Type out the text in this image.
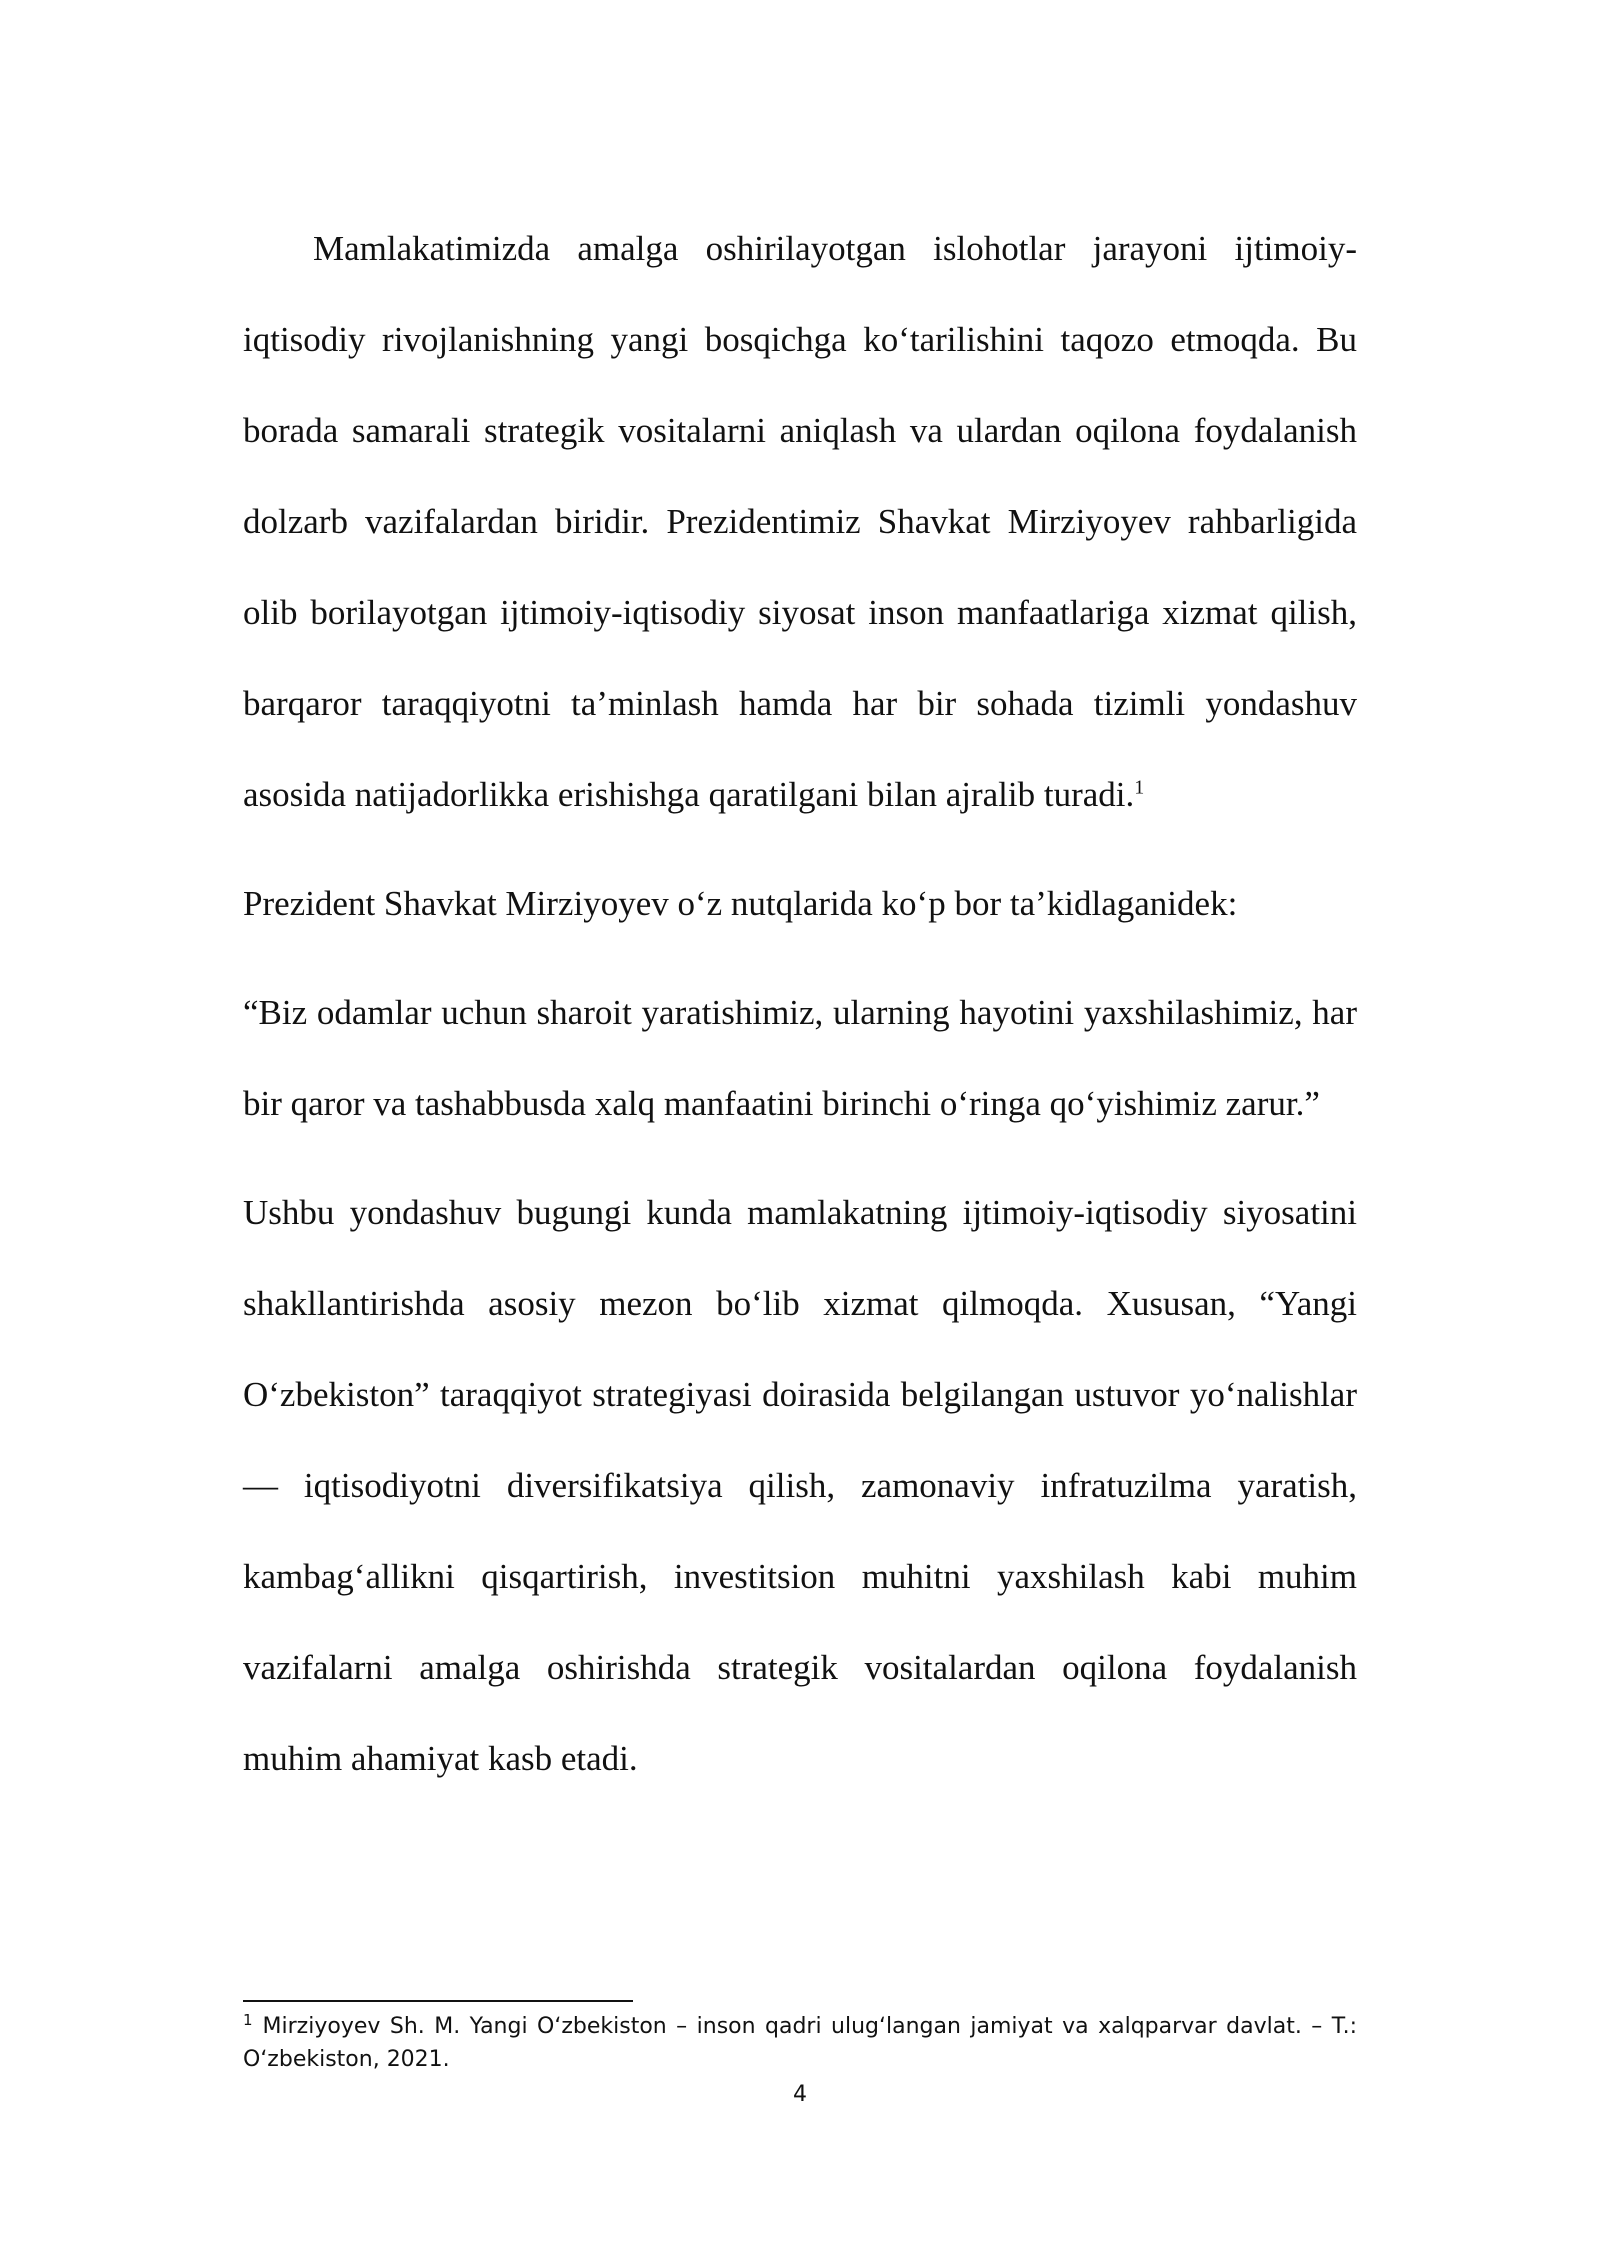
Mamlakatimizda amalga oshirilayotgan islohotlar jarayoni ijtimoiy-iqtisodiy rivojlanishning yangi bosqichga koʻtarilishini taqozo etmoqda. Bu borada samarali strategik vositalarni aniqlash va ulardan oqilona foydalanish dolzarb vazifalardan biridir. Prezidentimiz Shavkat Mirziyoyev rahbarligida olib borilayotgan ijtimoiy-iqtisodiy siyosat inson manfaatlariga xizmat qilish, barqaror taraqqiyotni ta’minlash hamda har bir sohada tizimli yondashuv asosida natijadorlikka erishishga qaratilgani bilan ajralib turadi.$^1$

Prezident Shavkat Mirziyoyev oʻz nutqlarida koʻp bor ta’kidlaganidek:

“Biz odamlar uchun sharoit yaratishimiz, ularning hayotini yaxshilashimiz, har bir qaror va tashabbusda xalq manfaatini birinchi oʻringa qoʻyishimiz zarur.”

Ushbu yondashuv bugungi kunda mamlakatning ijtimoiy-iqtisodiy siyosatini shakllantirishda asosiy mezon boʻlib xizmat qilmoqda. Xususan, “Yangi Oʻzbekiston” taraqqiyot strategiyasi doirasida belgilangan ustuvor yoʻnalishlar — iqtisodiyotni diversifikatsiya qilish, zamonaviy infratuzilma yaratish, kambagʻallikni qisqartirish, investitsion muhitni yaxshilash kabi muhim vazifalarni amalga oshirishda strategik vositalardan oqilona foydalanish muhim ahamiyat kasb etadi.

$^1$ Mirziyoyev Sh. M. Yangi Oʻzbekiston – inson qadri ulugʻlangan jamiyat va xalqparvar davlat. – T.: Oʻzbekiston, 2021.

4
